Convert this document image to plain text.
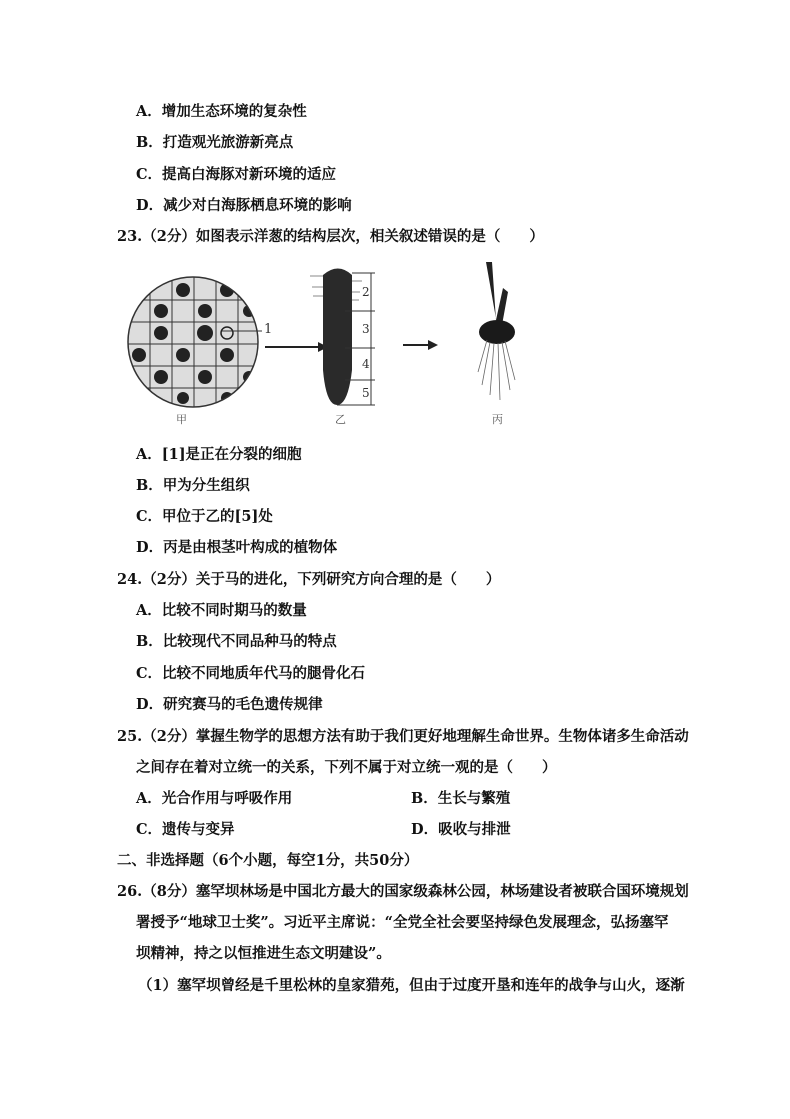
A．增加生态环境的复杂性
B．打造观光旅游新亮点
C．提高白海豚对新环境的适应
D．减少对白海豚栖息环境的影响
23.（2分）如图表示洋葱的结构层次，相关叙述错误的是（　　）
1
2
3
4
5
甲	乙	丙
A．[1]是正在分裂的细胞
B．甲为分生组织
C．甲位于乙的[5]处
D．丙是由根茎叶构成的植物体
24.（2分）关于马的进化，下列研究方向合理的是（　　）
A．比较不同时期马的数量
B．比较现代不同品种马的特点
C．比较不同地质年代马的腿骨化石
D．研究赛马的毛色遗传规律
25.（2分）掌握生物学的思想方法有助于我们更好地理解生命世界。生物体诸多生命活动
之间存在着对立统一的关系，下列不属于对立统一观的是（　　）
A．光合作用与呼吸作用	B．生长与繁殖
C．遗传与变异	D．吸收与排泄
二、非选择题（6个小题，每空1分，共50分）
26.（8分）塞罕坝林场是中国北方最大的国家级森林公园，林场建设者被联合国环境规划
署授予“地球卫士奖”。习近平主席说：“全党全社会要坚持绿色发展理念，弘扬塞罕
坝精神，持之以恒推进生态文明建设”。
（1）塞罕坝曾经是千里松林的皇家猎苑，但由于过度开垦和连年的战争与山火，逐渐
